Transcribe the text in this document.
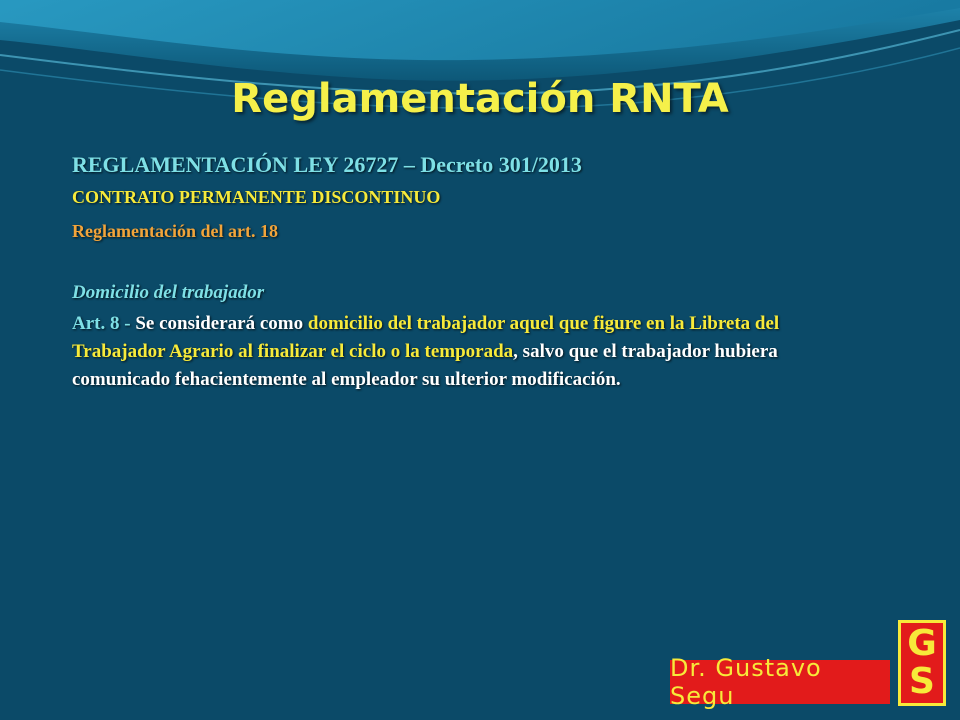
Reglamentación RNTA

REGLAMENTACIÓN LEY 26727 – Decreto 301/2013

CONTRATO PERMANENTE DISCONTINUO

Reglamentación del art. 18

Domicilio del trabajador

Art. 8 - Se considerará como domicilio del trabajador aquel que figure en la Libreta del Trabajador Agrario al finalizar el ciclo o la temporada, salvo que el trabajador hubiera comunicado fehacientemente al empleador su ulterior modificación.

Dr. Gustavo Segu
G
S
